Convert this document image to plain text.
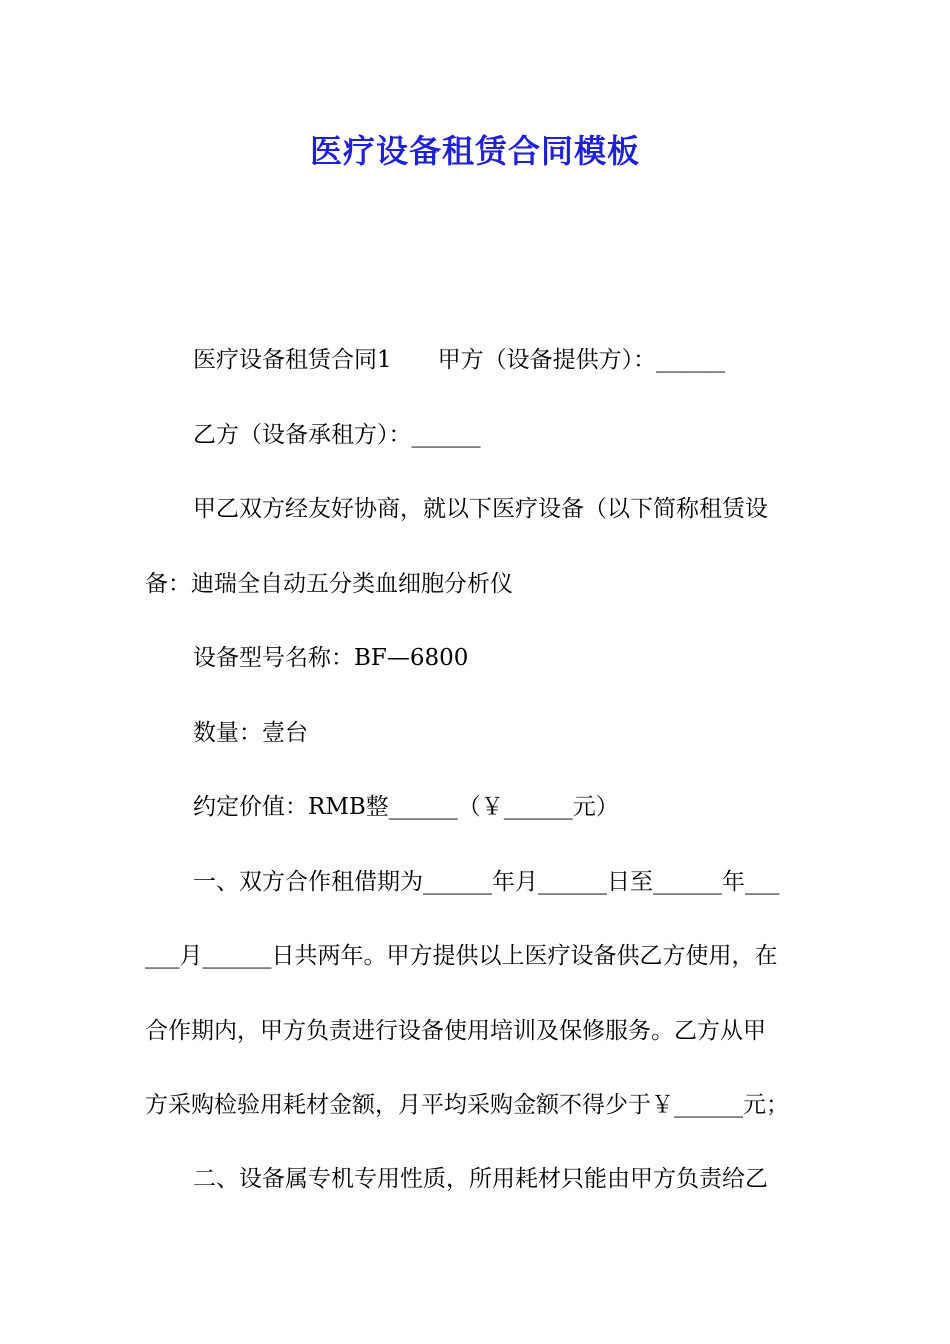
医疗设备租赁合同模板
医疗设备租赁合同1　　甲方（设备提供方）：______
乙方（设备承租方）：______
甲乙双方经友好协商，就以下医疗设备（以下简称租赁设
备：迪瑞全自动五分类血细胞分析仪
设备型号名称：BF—6800
数量：壹台
约定价值：RMB整______（￥______元）
一、双方合作租借期为______年月______日至______年___
___月______日共两年。甲方提供以上医疗设备供乙方使用，在
合作期内，甲方负责进行设备使用培训及保修服务。乙方从甲
方采购检验用耗材金额，月平均采购金额不得少于￥______元；
二、设备属专机专用性质，所用耗材只能由甲方负责给乙
